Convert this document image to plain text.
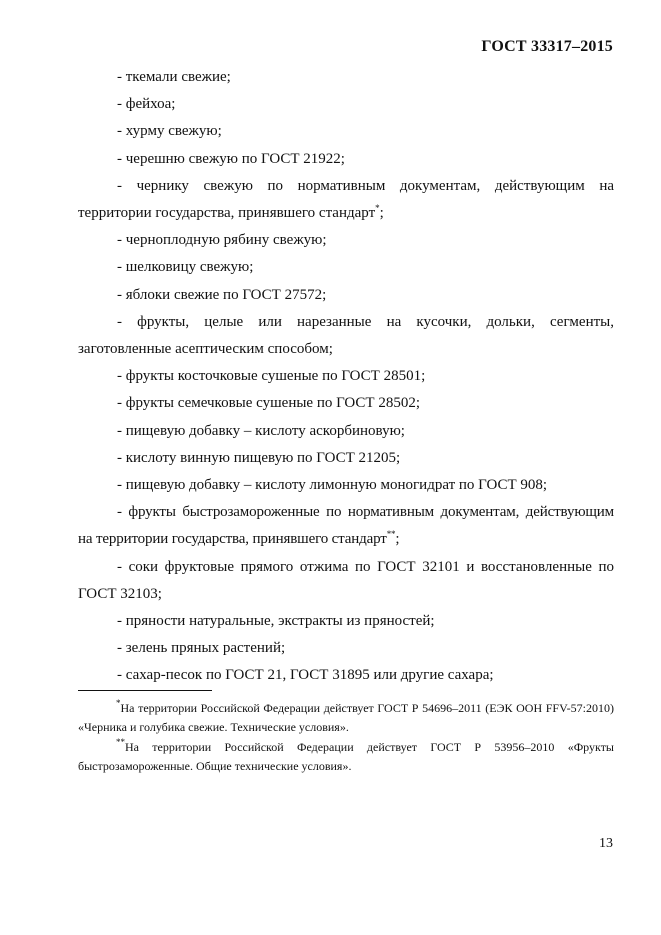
ГОСТ 33317–2015

- ткемали свежие;

- фейхоа;

- хурму свежую;

- черешню свежую по ГОСТ 21922;

- чернику свежую по нормативным документам, действующим на территории государства, принявшего стандарт*;

- черноплодную рябину свежую;

- шелковицу свежую;

- яблоки свежие по ГОСТ 27572;

- фрукты, целые или нарезанные на кусочки, дольки, сегменты, заготовленные асептическим способом;

- фрукты косточковые сушеные по ГОСТ 28501;

- фрукты семечковые сушеные по ГОСТ 28502;

- пищевую добавку – кислоту аскорбиновую;

- кислоту винную пищевую по ГОСТ 21205;

- пищевую добавку – кислоту лимонную моногидрат по ГОСТ 908;

- фрукты быстрозамороженные по нормативным документам, действующим на территории государства, принявшего стандарт**;

- соки фруктовые прямого отжима по ГОСТ 32101 и восстановленные по ГОСТ 32103;

- пряности натуральные, экстракты из пряностей;

- зелень пряных растений;

- сахар-песок по ГОСТ 21, ГОСТ 31895 или другие сахара;

*На территории Российской Федерации действует ГОСТ Р 54696–2011 (ЕЭК ООН FFV-57:2010) «Черника и голубика свежие. Технические условия».

**На территории Российской Федерации действует ГОСТ Р 53956–2010 «Фрукты быстрозамороженные. Общие технические условия».

13
